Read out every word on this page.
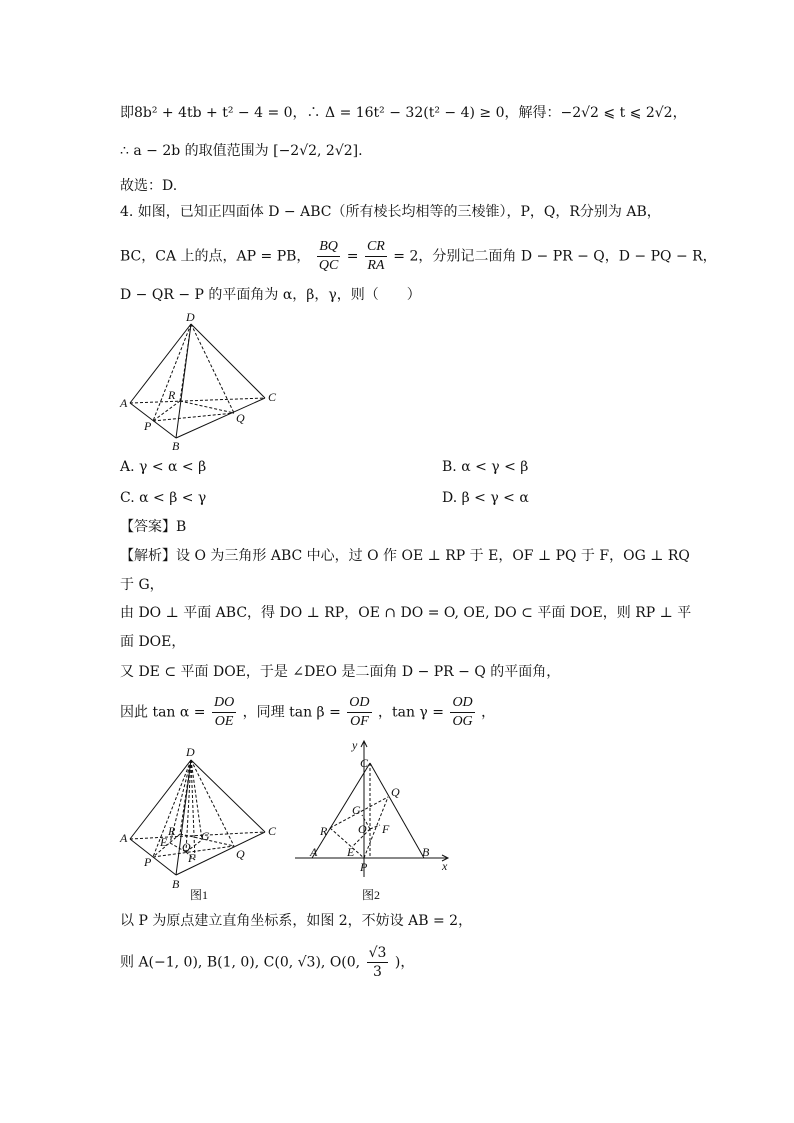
即8b² + 4tb + t² − 4 = 0，∴ Δ = 16t² − 32(t² − 4) ≥ 0，解得：−2√2 ⩽ t ⩽ 2√2，
∴ a − 2b 的取值范围为 [−2√2, 2√2].
故选：D.
4. 如图，已知正四面体 D − ABC（所有棱长均相等的三棱锥），P，Q，R分别为 AB，
BC，CA 上的点，AP = PB， $\frac{BQ}{QC} = \frac{CR}{RA} = 2$，分别记二面角 D − PR − Q，D − PQ − R，
D − QR − P 的平面角为 α，β，γ，则（　　）
D
A	C
B
R
P
Q
A. γ < α < β	B. α < γ < β
C. α < β < γ	D. β < γ < α
【答案】B
【解析】设 O 为三角形 ABC 中心，过 O 作 OE ⊥ RP 于 E，OF ⊥ PQ 于 F，OG ⊥ RQ
于 G，
由 DO ⊥ 平面 ABC，得 DO ⊥ RP，OE ∩ DO = O, OE, DO ⊂ 平面 DOE，则 RP ⊥ 平
面 DOE，
又 DE ⊂ 平面 DOE，于是 ∠DEO 是二面角 D − PR − Q 的平面角，
因此 $\tan \alpha = \frac{DO}{OE}$ ，同理 $\tan \beta = \frac{OD}{OF}$ ，$\tan \gamma = \frac{OD}{OG}$ ，
D
A	C
B
R
P
Q
E	G
O
F
图1
y
x
C
Q
G
R	O F
A E
P
B
图2
以 P 为原点建立直角坐标系，如图 2，不妨设 AB = 2，
则 A(−1, 0), B(1, 0), C(0, √3), O(0, $\frac{√3}{3}$ )，
